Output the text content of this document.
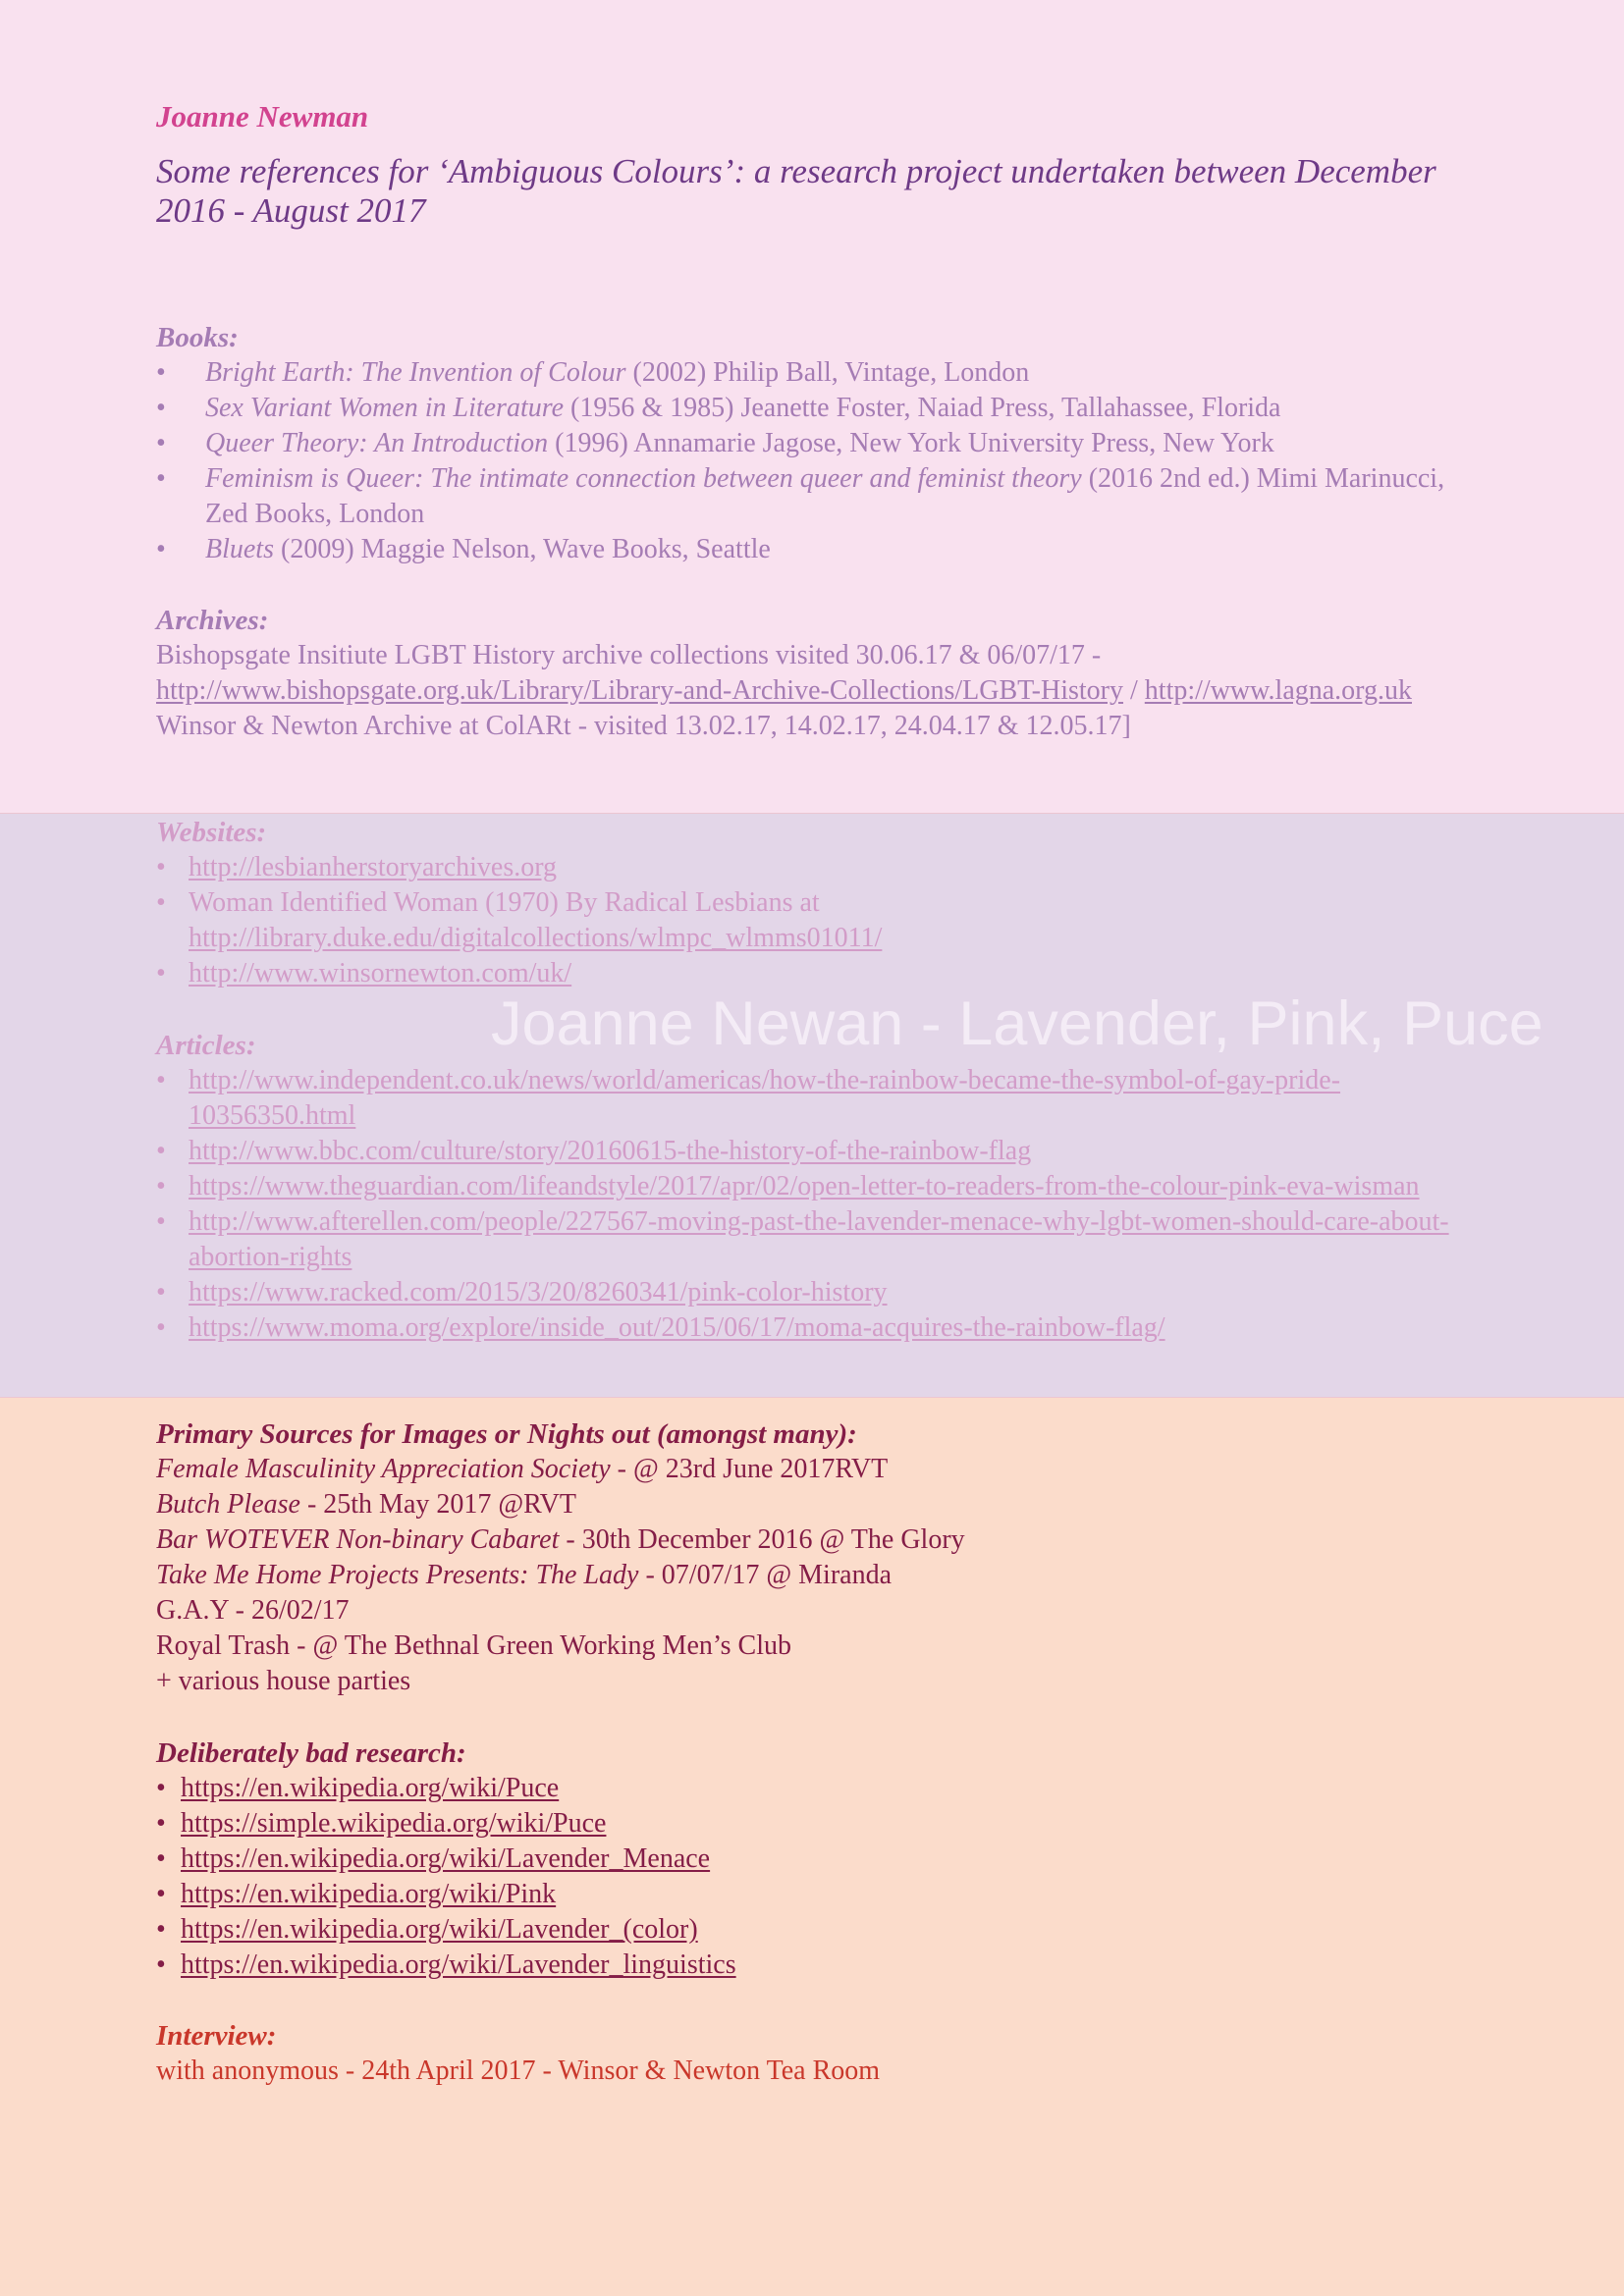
Joanne Newan - Lavender, Pink, Puce
Joanne Newman
Some references for ‘Ambiguous Colours’: a research project undertaken between December 2016 - August 2017
Books:
• Bright Earth: The Invention of Colour (2002) Philip Ball, Vintage, London
• Sex Variant Women in Literature (1956 & 1985) Jeanette Foster, Naiad Press, Tallahassee, Florida
• Queer Theory: An Introduction (1996) Annamarie Jagose, New York University Press, New York
• Feminism is Queer: The intimate connection between queer and feminist theory (2016 2nd ed.) Mimi Marinucci, Zed Books, London
• Bluets (2009) Maggie Nelson, Wave Books, Seattle
Archives:
Bishopsgate Insitiute LGBT History archive collections visited 30.06.17 & 06/07/17 - http://www.bishopsgate.org.uk/Library/Library-and-Archive-Collections/LGBT-History / http://www.lagna.org.uk
Winsor & Newton Archive at ColARt - visited 13.02.17, 14.02.17, 24.04.17 & 12.05.17]
Websites:
• http://lesbianherstoryarchives.org
• Woman Identified Woman (1970) By Radical Lesbians at http://library.duke.edu/digitalcollections/wlmpc_wlmms01011/
• http://www.winsornewton.com/uk/
Articles:
• http://www.independent.co.uk/news/world/americas/how-the-rainbow-became-the-symbol-of-gay-pride-10356350.html
• http://www.bbc.com/culture/story/20160615-the-history-of-the-rainbow-flag
• https://www.theguardian.com/lifeandstyle/2017/apr/02/open-letter-to-readers-from-the-colour-pink-eva-wisman
• http://www.afterellen.com/people/227567-moving-past-the-lavender-menace-why-lgbt-women-should-care-about-abortion-rights
• https://www.racked.com/2015/3/20/8260341/pink-color-history
• https://www.moma.org/explore/inside_out/2015/06/17/moma-acquires-the-rainbow-flag/
Primary Sources for Images or Nights out (amongst many):
Female Masculinity Appreciation Society - @ 23rd June 2017RVT
Butch Please - 25th May 2017 @RVT
Bar WOTEVER Non-binary Cabaret - 30th December 2016 @ The Glory
Take Me Home Projects Presents: The Lady - 07/07/17 @ Miranda
G.A.Y - 26/02/17
Royal Trash - @ The Bethnal Green Working Men’s Club
+ various house parties
Deliberately bad research:
• https://en.wikipedia.org/wiki/Puce
• https://simple.wikipedia.org/wiki/Puce
• https://en.wikipedia.org/wiki/Lavender_Menace
• https://en.wikipedia.org/wiki/Pink
• https://en.wikipedia.org/wiki/Lavender_(color)
• https://en.wikipedia.org/wiki/Lavender_linguistics
Interview:
with anonymous - 24th April 2017 - Winsor & Newton Tea Room
